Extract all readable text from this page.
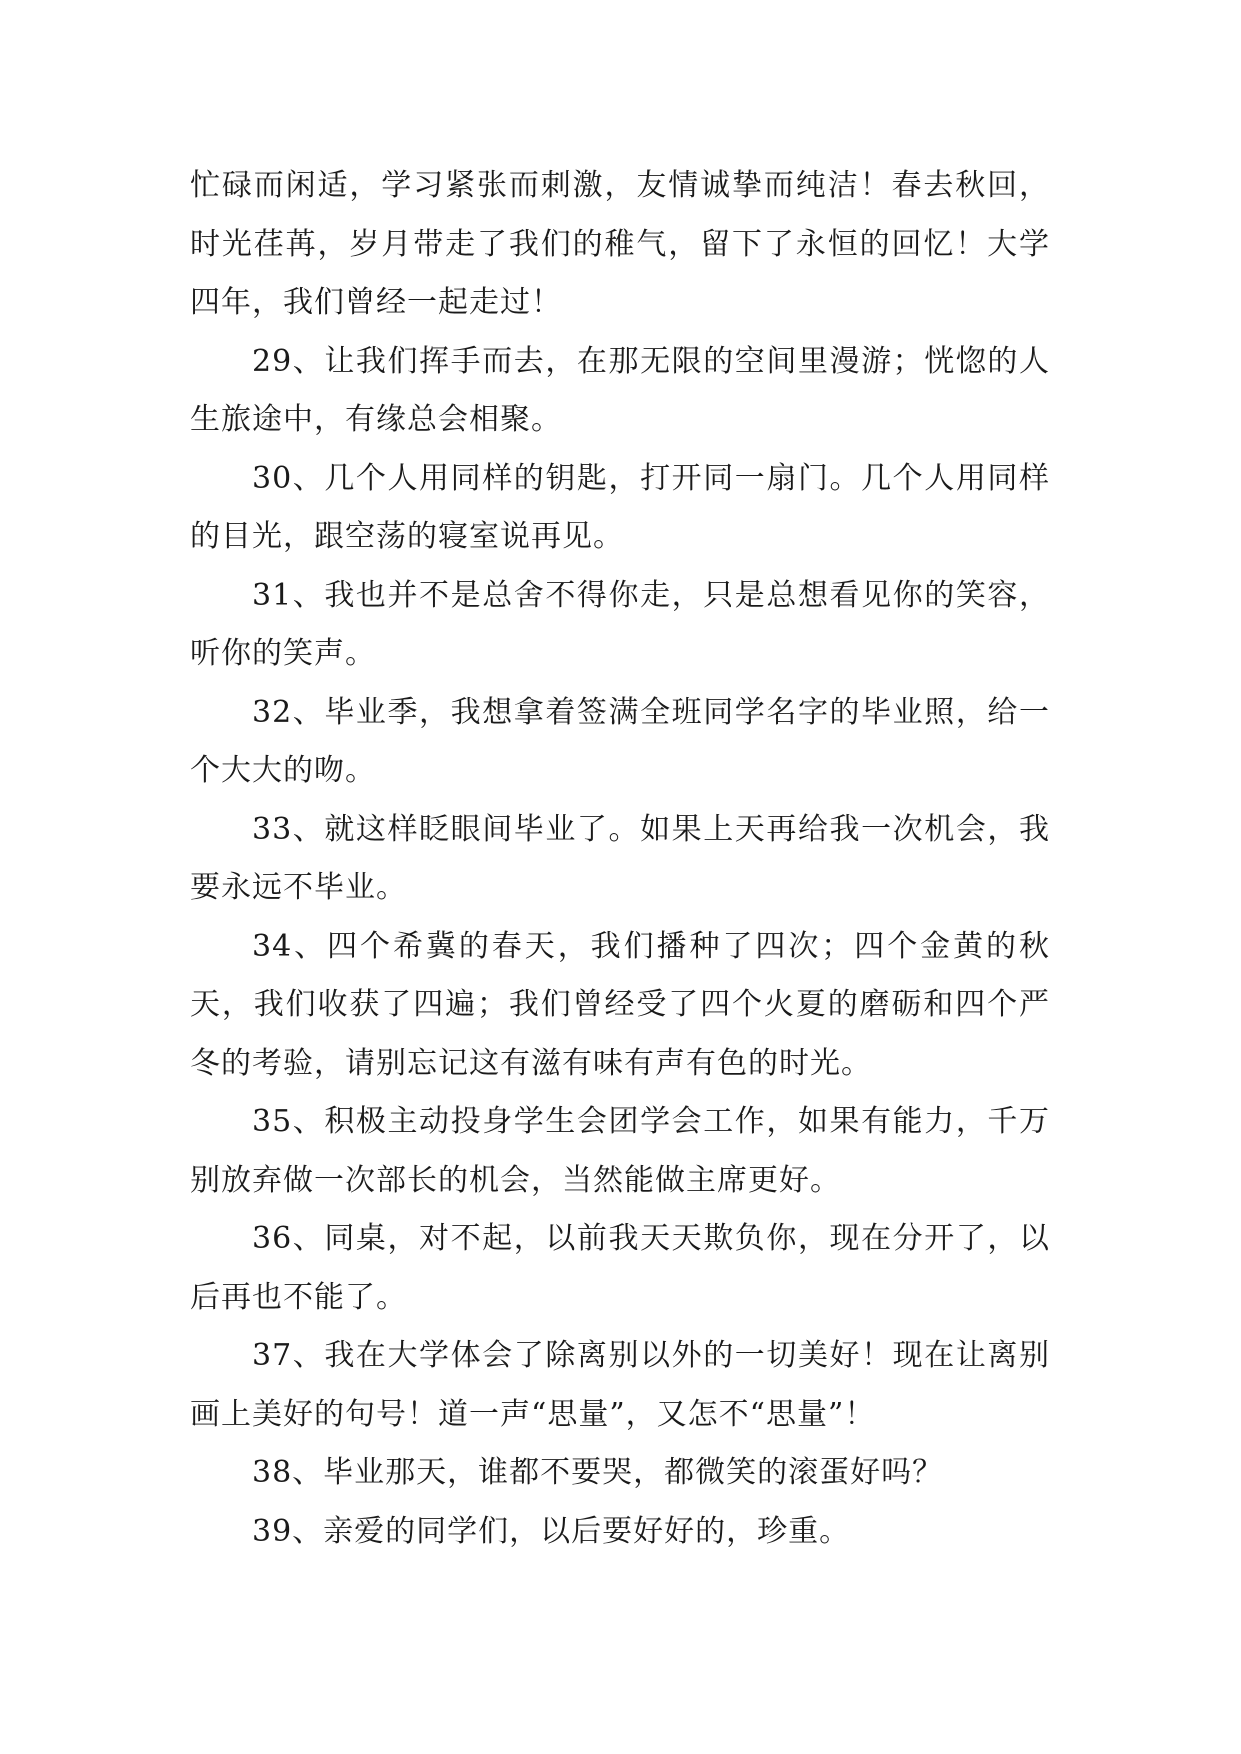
忙碌而闲适，学习紧张而刺激，友情诚挚而纯洁！春去秋回，时光荏苒，岁月带走了我们的稚气，留下了永恒的回忆！大学四年，我们曾经一起走过！

29、让我们挥手而去，在那无限的空间里漫游；恍惚的人生旅途中，有缘总会相聚。

30、几个人用同样的钥匙，打开同一扇门。几个人用同样的目光，跟空荡的寝室说再见。

31、我也并不是总舍不得你走，只是总想看见你的笑容，听你的笑声。

32、毕业季，我想拿着签满全班同学名字的毕业照，给一个大大的吻。

33、就这样眨眼间毕业了。如果上天再给我一次机会，我要永远不毕业。

34、四个希冀的春天，我们播种了四次；四个金黄的秋天，我们收获了四遍；我们曾经受了四个火夏的磨砺和四个严冬的考验，请别忘记这有滋有味有声有色的时光。

35、积极主动投身学生会团学会工作，如果有能力，千万别放弃做一次部长的机会，当然能做主席更好。

36、同桌，对不起，以前我天天欺负你，现在分开了，以后再也不能了。

37、我在大学体会了除离别以外的一切美好！现在让离别画上美好的句号！道一声“思量”，又怎不“思量”！

38、毕业那天，谁都不要哭，都微笑的滚蛋好吗？

39、亲爱的同学们，以后要好好的，珍重。
